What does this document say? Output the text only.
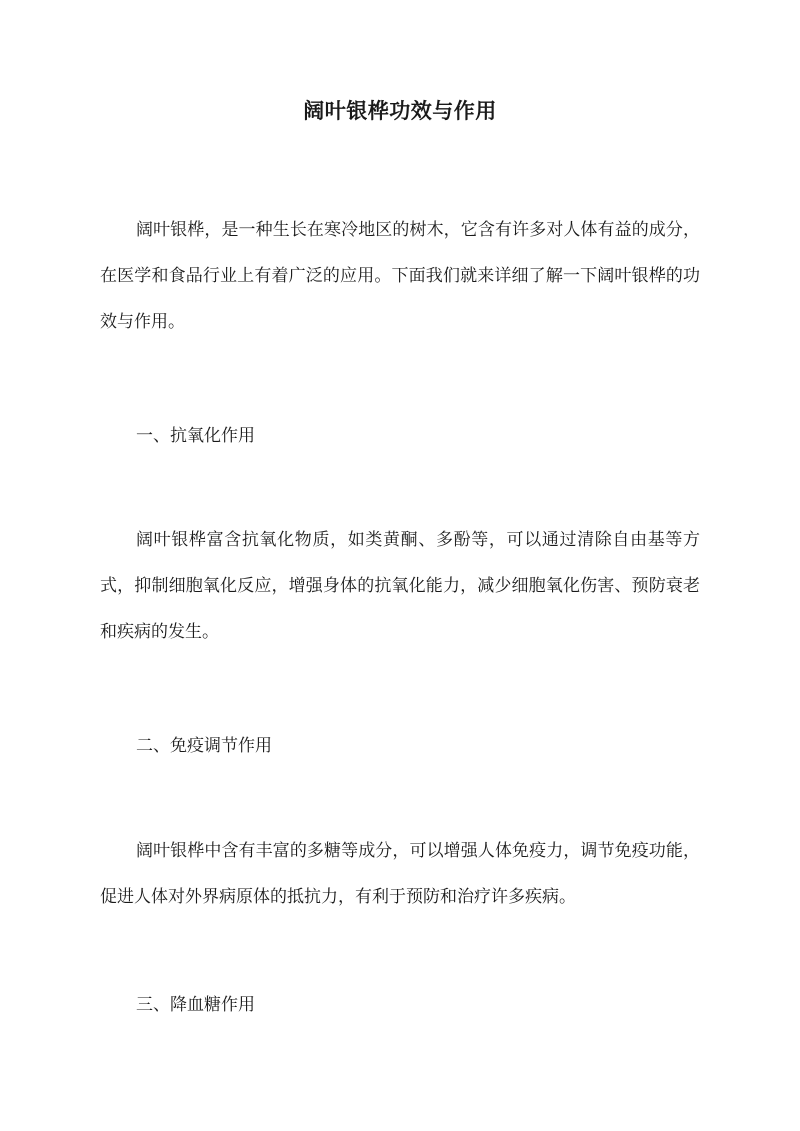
阔叶银桦功效与作用

阔叶银桦，是一种生长在寒冷地区的树木，它含有许多对人体有益的成分，在医学和食品行业上有着广泛的应用。下面我们就来详细了解一下阔叶银桦的功效与作用。

一、抗氧化作用

阔叶银桦富含抗氧化物质，如类黄酮、多酚等，可以通过清除自由基等方式，抑制细胞氧化反应，增强身体的抗氧化能力，减少细胞氧化伤害、预防衰老和疾病的发生。

二、免疫调节作用

阔叶银桦中含有丰富的多糖等成分，可以增强人体免疫力，调节免疫功能，促进人体对外界病原体的抵抗力，有利于预防和治疗许多疾病。

三、降血糖作用
